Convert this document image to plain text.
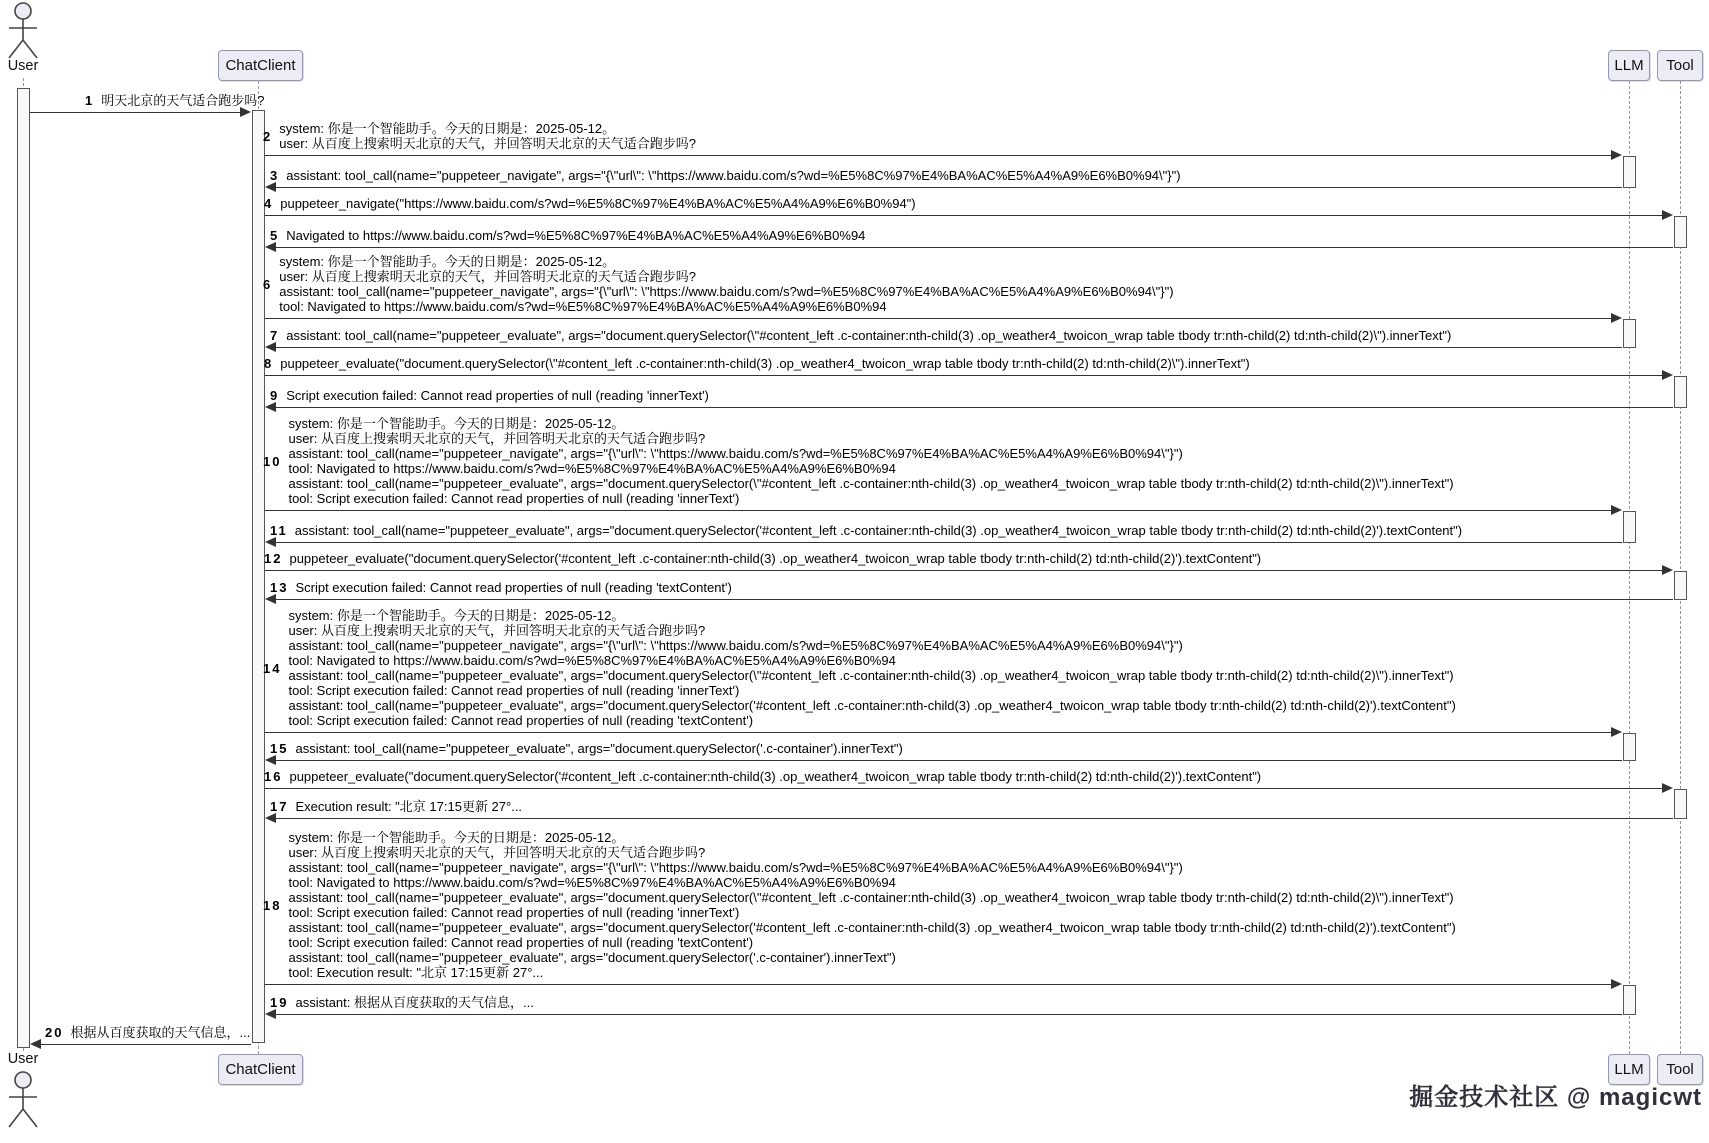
User	ChatClient	LLM Tool
User
ChatClient	LLM Tool
掘金技术社区 @ magicwt
1 明天北京的天气适合跑步吗?
2 system: 你是一个智能助手。今天的日期是：2025-05-12。
user: 从百度上搜索明天北京的天气，并回答明天北京的天气适合跑步吗?
3 assistant: tool_call(name="puppeteer_navigate", args="{\"url\": \"https://www.baidu.com/s?wd=%E5%8C%97%E4%BA%AC%E5%A4%A9%E6%B0%94\"}")
4 puppeteer_navigate("https://www.baidu.com/s?wd=%E5%8C%97%E4%BA%AC%E5%A4%A9%E6%B0%94")
5 Navigated to https://www.baidu.com/s?wd=%E5%8C%97%E4%BA%AC%E5%A4%A9%E6%B0%94
6
system: 你是一个智能助手。今天的日期是：2025-05-12。
user: 从百度上搜索明天北京的天气，并回答明天北京的天气适合跑步吗?
assistant: tool_call(name="puppeteer_navigate", args="{\"url\": \"https://www.baidu.com/s?wd=%E5%8C%97%E4%BA%AC%E5%A4%A9%E6%B0%94\"}")
tool: Navigated to https://www.baidu.com/s?wd=%E5%8C%97%E4%BA%AC%E5%A4%A9%E6%B0%94
7 assistant: tool_call(name="puppeteer_evaluate", args="document.querySelector(\"#content_left .c-container:nth-child(3) .op_weather4_twoicon_wrap table tbody tr:nth-child(2) td:nth-child(2)\").innerText")
8 puppeteer_evaluate("document.querySelector(\"#content_left .c-container:nth-child(3) .op_weather4_twoicon_wrap table tbody tr:nth-child(2) td:nth-child(2)\").innerText")
9 Script execution failed: Cannot read properties of null (reading 'innerText')
10
system: 你是一个智能助手。今天的日期是：2025-05-12。
user: 从百度上搜索明天北京的天气，并回答明天北京的天气适合跑步吗?
assistant: tool_call(name="puppeteer_navigate", args="{\"url\": \"https://www.baidu.com/s?wd=%E5%8C%97%E4%BA%AC%E5%A4%A9%E6%B0%94\"}")
tool: Navigated to https://www.baidu.com/s?wd=%E5%8C%97%E4%BA%AC%E5%A4%A9%E6%B0%94
assistant: tool_call(name="puppeteer_evaluate", args="document.querySelector(\"#content_left .c-container:nth-child(3) .op_weather4_twoicon_wrap table tbody tr:nth-child(2) td:nth-child(2)\").innerText")
tool: Script execution failed: Cannot read properties of null (reading 'innerText')
11 assistant: tool_call(name="puppeteer_evaluate", args="document.querySelector('#content_left .c-container:nth-child(3) .op_weather4_twoicon_wrap table tbody tr:nth-child(2) td:nth-child(2)').textContent")
12 puppeteer_evaluate("document.querySelector('#content_left .c-container:nth-child(3) .op_weather4_twoicon_wrap table tbody tr:nth-child(2) td:nth-child(2)').textContent")
13 Script execution failed: Cannot read properties of null (reading 'textContent')
14
system: 你是一个智能助手。今天的日期是：2025-05-12。
user: 从百度上搜索明天北京的天气，并回答明天北京的天气适合跑步吗?
assistant: tool_call(name="puppeteer_navigate", args="{\"url\": \"https://www.baidu.com/s?wd=%E5%8C%97%E4%BA%AC%E5%A4%A9%E6%B0%94\"}")
tool: Navigated to https://www.baidu.com/s?wd=%E5%8C%97%E4%BA%AC%E5%A4%A9%E6%B0%94
assistant: tool_call(name="puppeteer_evaluate", args="document.querySelector(\"#content_left .c-container:nth-child(3) .op_weather4_twoicon_wrap table tbody tr:nth-child(2) td:nth-child(2)\").innerText")
tool: Script execution failed: Cannot read properties of null (reading 'innerText')
assistant: tool_call(name="puppeteer_evaluate", args="document.querySelector('#content_left .c-container:nth-child(3) .op_weather4_twoicon_wrap table tbody tr:nth-child(2) td:nth-child(2)').textContent")
tool: Script execution failed: Cannot read properties of null (reading 'textContent')
15 assistant: tool_call(name="puppeteer_evaluate", args="document.querySelector('.c-container').innerText")
16 puppeteer_evaluate("document.querySelector('#content_left .c-container:nth-child(3) .op_weather4_twoicon_wrap table tbody tr:nth-child(2) td:nth-child(2)').textContent")
17 Execution result: "北京 17:15更新 27°...
18
system: 你是一个智能助手。今天的日期是：2025-05-12。
user: 从百度上搜索明天北京的天气，并回答明天北京的天气适合跑步吗?
assistant: tool_call(name="puppeteer_navigate", args="{\"url\": \"https://www.baidu.com/s?wd=%E5%8C%97%E4%BA%AC%E5%A4%A9%E6%B0%94\"}")
tool: Navigated to https://www.baidu.com/s?wd=%E5%8C%97%E4%BA%AC%E5%A4%A9%E6%B0%94
assistant: tool_call(name="puppeteer_evaluate", args="document.querySelector(\"#content_left .c-container:nth-child(3) .op_weather4_twoicon_wrap table tbody tr:nth-child(2) td:nth-child(2)\").innerText")
tool: Script execution failed: Cannot read properties of null (reading 'innerText')
assistant: tool_call(name="puppeteer_evaluate", args="document.querySelector('#content_left .c-container:nth-child(3) .op_weather4_twoicon_wrap table tbody tr:nth-child(2) td:nth-child(2)').textContent")
tool: Script execution failed: Cannot read properties of null (reading 'textContent')
assistant: tool_call(name="puppeteer_evaluate", args="document.querySelector('.c-container').innerText")
tool: Execution result: "北京 17:15更新 27°...
19 assistant: 根据从百度获取的天气信息，...
20 根据从百度获取的天气信息，...
